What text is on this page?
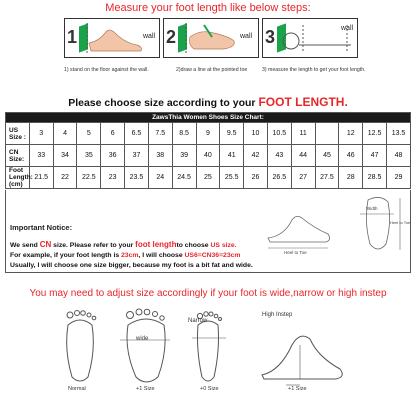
Measure your foot length like below steps:
1	wall 2	wall 3	wall
1) stand on the floor against the wall.	2)draw a line at the pointed toe	3) measure the length to get your foot length.
Please choose size according to your FOOT LENGTH.
ZawsThia Women Shoes Size Chart:																
US Size :	3	4	5	6	6.5	7.5	8.5	9	9.5	10	10.5	11		12	12.5	13.5
CN Size:	33	34	35	36	37	38	39	40	41	42	43	44	45	46	47	48
Foot Length: (cm)	21.5	22	22.5	23	23.5	24	24.5	25	25.5	26	26.5	27	27.5	28	28.5	29
Important Notice:
We send CN size. Please refer to your foot lengthto choose US size.
For example, if your foot length is 23cm, I will choose US6=CN36=23cm
Usually, I will choose one size bigger, because my foot is a bit fat and wide.
Heel to Toe
Width
Heel to Toe
You may need to adjust size accordingly if your foot is wide,narrow or high instep
Narrow
wide
High Instep
Normal	+1 Size	+0 Size	+1 Size
